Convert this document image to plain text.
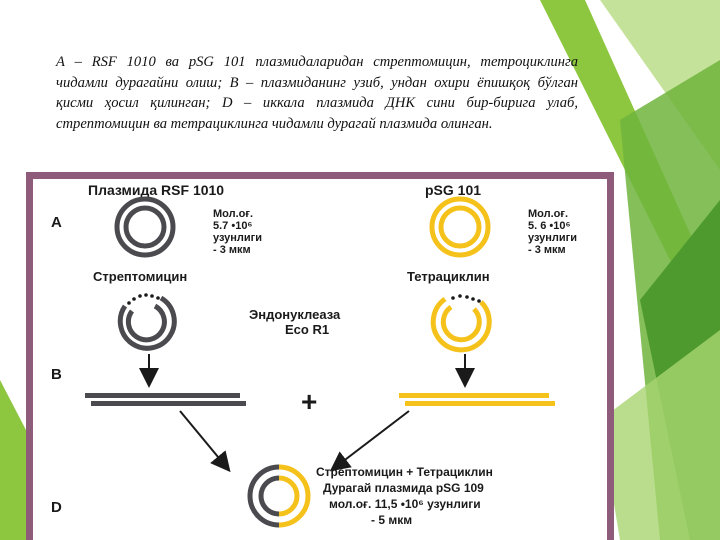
А – RSF 1010 ва pSG 101 плазмидаларидан стрептомицин, тетроциклинга чидамли дурагайни олиш; В – плазмиданинг узиб, ундан охири ёпишқоқ бўлган қисми ҳосил қилинган; D – иккала плазмида ДНК сини бир-бирига улаб, стрептомицин ва тетрациклинга чидамли дурагай плазмида олинган.
A
B
D
Плазмида RSF 1010
Мол.оғ.
5.7 •10⁶
узунлиги
- 3 мкм
pSG 101
Мол.оғ.
5. 6 •10⁶
узунлиги
- 3 мкм
Стрептомицин	Тетрациклин
Эндонуклеаза
Eco R1
+
Стрептомицин + Тетрациклин
Дурагай плазмида pSG 109
мол.оғ. 11,5 •10⁶ узунлиги
- 5 мкм
